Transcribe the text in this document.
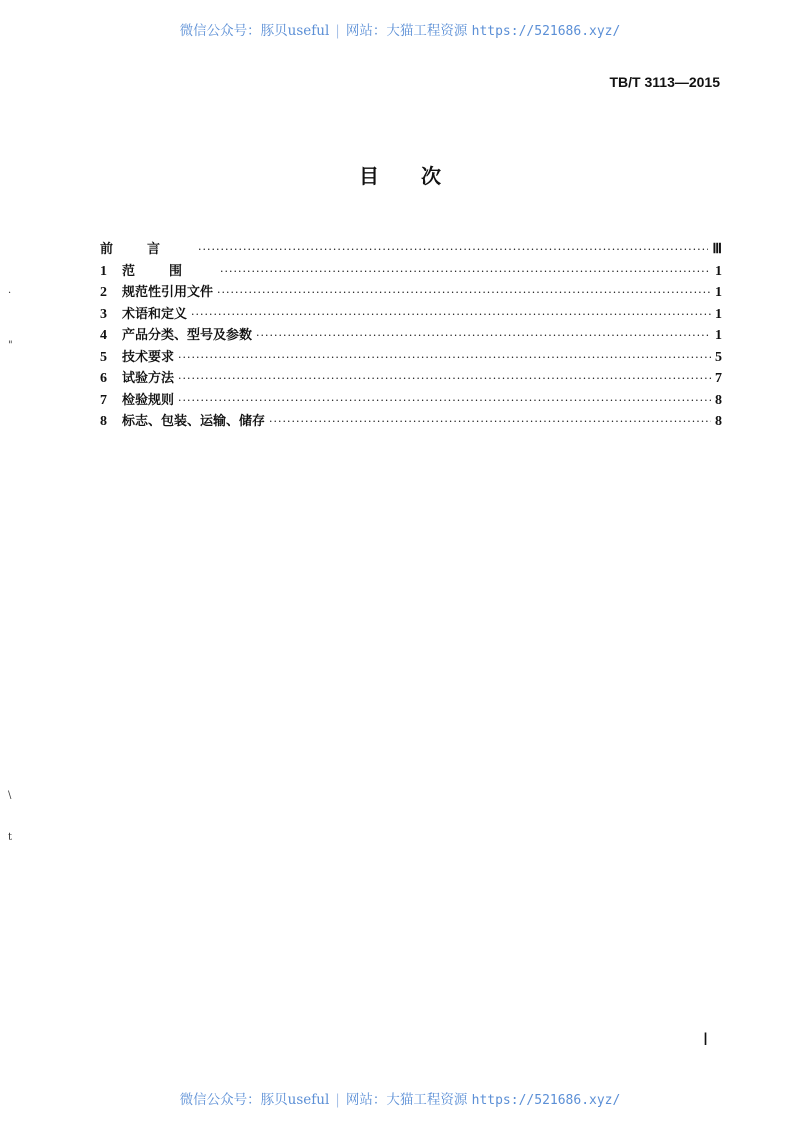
微信公众号：豚贝useful | 网站：大猫工程资源 https://521686.xyz/
TB/T 3113—2015
目次
前言 ·····	Ⅲ
1	范围 ·····	1
2	规范性引用文件 ·····	1
3	术语和定义 ·····	1
4	产品分类、型号及参数 ·····	1
5	技术要求 ·····	5
6	试验方法 ·····	7
7	检验规则 ·····	8
8	标志、包装、运输、储存 ·····	8
Ⅰ
·
"
\
t
微信公众号：豚贝useful | 网站：大猫工程资源 https://521686.xyz/
